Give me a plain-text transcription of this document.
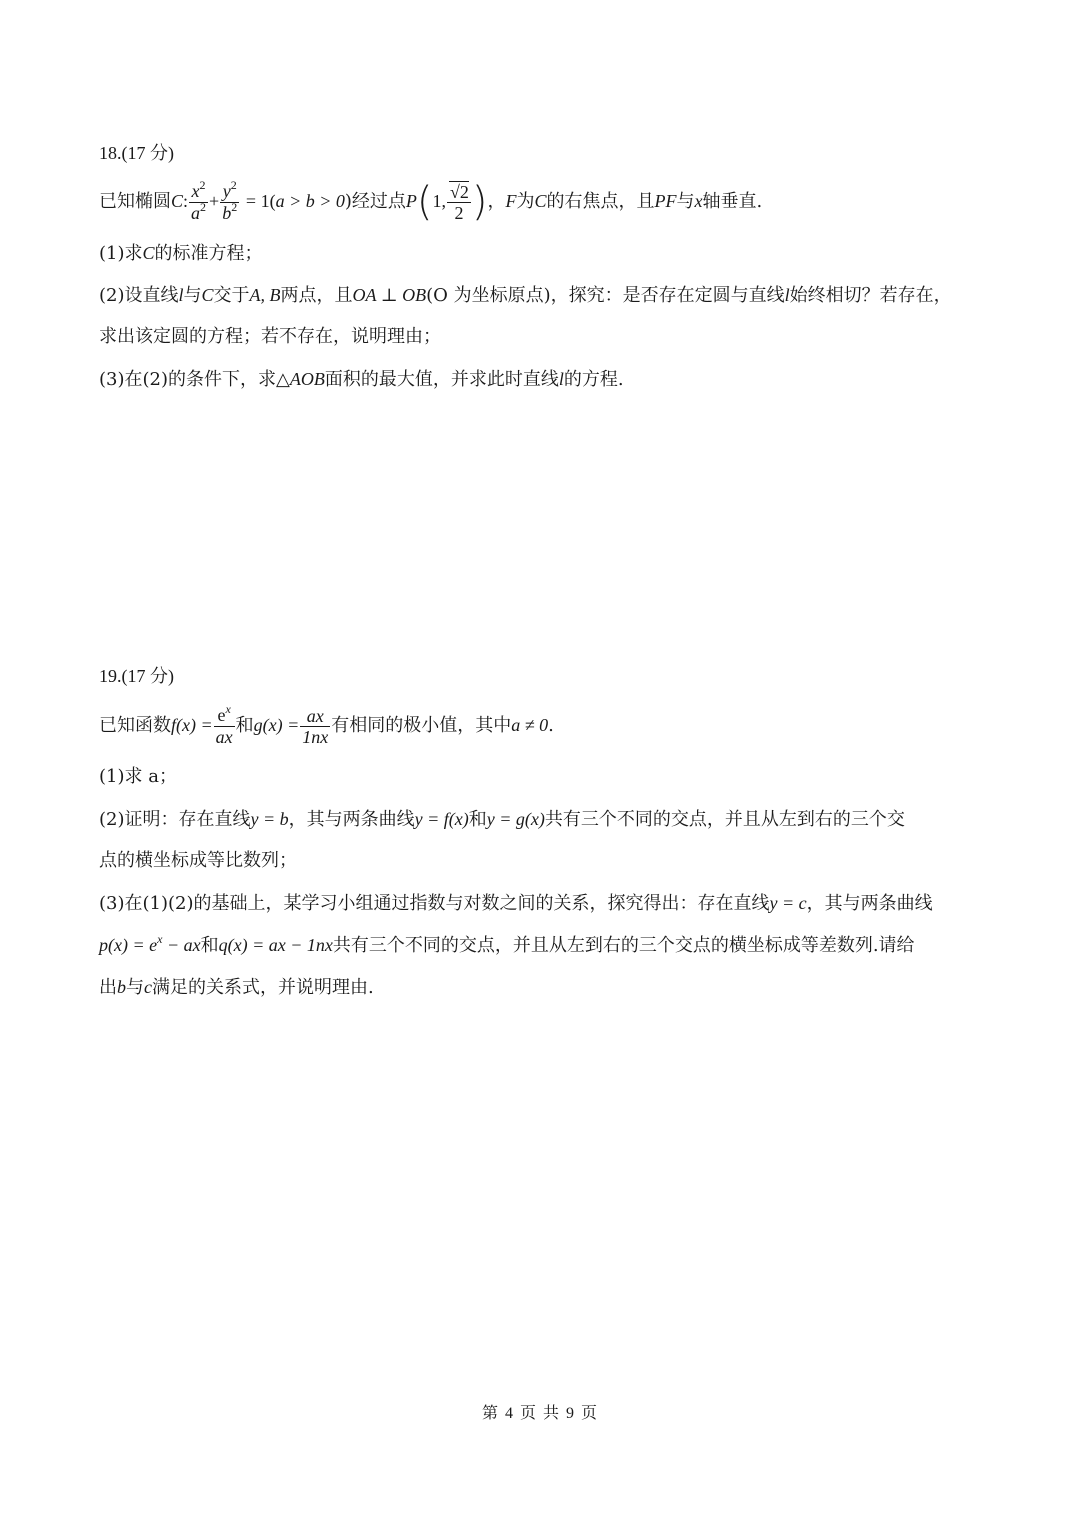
18.(17 分)
已知椭圆C: $\frac{x^2}{a^2} + \frac{y^2}{b^2} = 1(a > b > 0)$经过点P(1, $\frac{√2}{2}$ )，F为C的右焦点，且PF与x轴垂直.
(1)求C的标准方程；
(2)设直线l与C交于A, B两点，且OA ⊥ OB(O 为坐标原点)，探究：是否存在定圆与直线l始终相切？若存在，
求出该定圆的方程；若不存在，说明理由；
(3)在(2)的条件下，求△AOB面积的最大值，并求此时直线l的方程.
19.(17 分)
已知函数$f(x) = \frac{e^x}{ax}$ 和$g(x) = \frac{ax}{1nx}$ 有相同的极小值，其中a ≠ 0.
(1)求 a；
(2)证明：存在直线y = b，其与两条曲线y = f(x)和y = g(x)共有三个不同的交点，并且从左到右的三个交
点的横坐标成等比数列；
(3)在(1)(2)的基础上，某学习小组通过指数与对数之间的关系，探究得出：存在直线y = c，其与两条曲线
$p(x) = e^x$ − ax和q(x) = ax − 1nx共有三个不同的交点，并且从左到右的三个交点的横坐标成等差数列.请给
出b与c满足的关系式，并说明理由.
第 4 页 共 9 页
